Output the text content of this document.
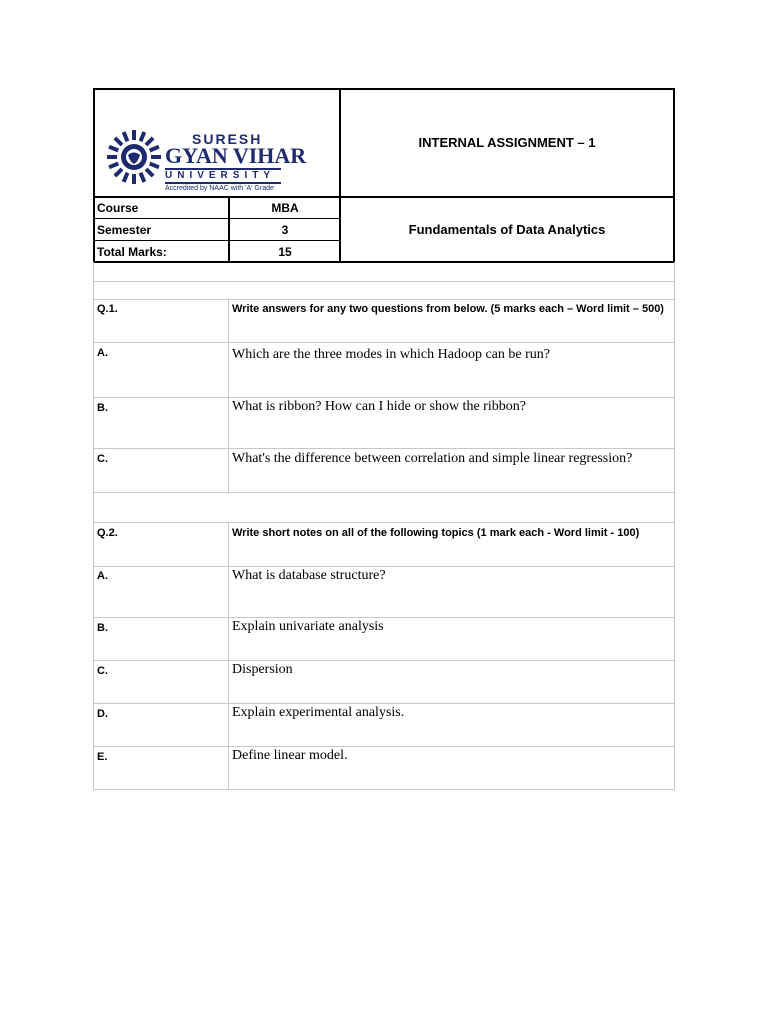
SURESH
GYAN VIHAR
UNIVERSITY
Accredited by NAAC with 'A' Grade
INTERNAL ASSIGNMENT – 1
Course	MBA
Semester	3
Total Marks:	15
Fundamentals of Data Analytics
Q.1.	Write answers for any two questions from below. (5 marks each – Word limit – 500)
A.	Which are the three modes in which Hadoop can be run?
B.	What is ribbon? How can I hide or show the ribbon?
C.	What's the difference between correlation and simple linear regression?
Q.2.	Write short notes on all of the following topics (1 mark each - Word limit - 100)
A.	What is database structure?
B.	Explain univariate analysis
C.	Dispersion
D.	Explain experimental analysis.
E.	Define linear model.
